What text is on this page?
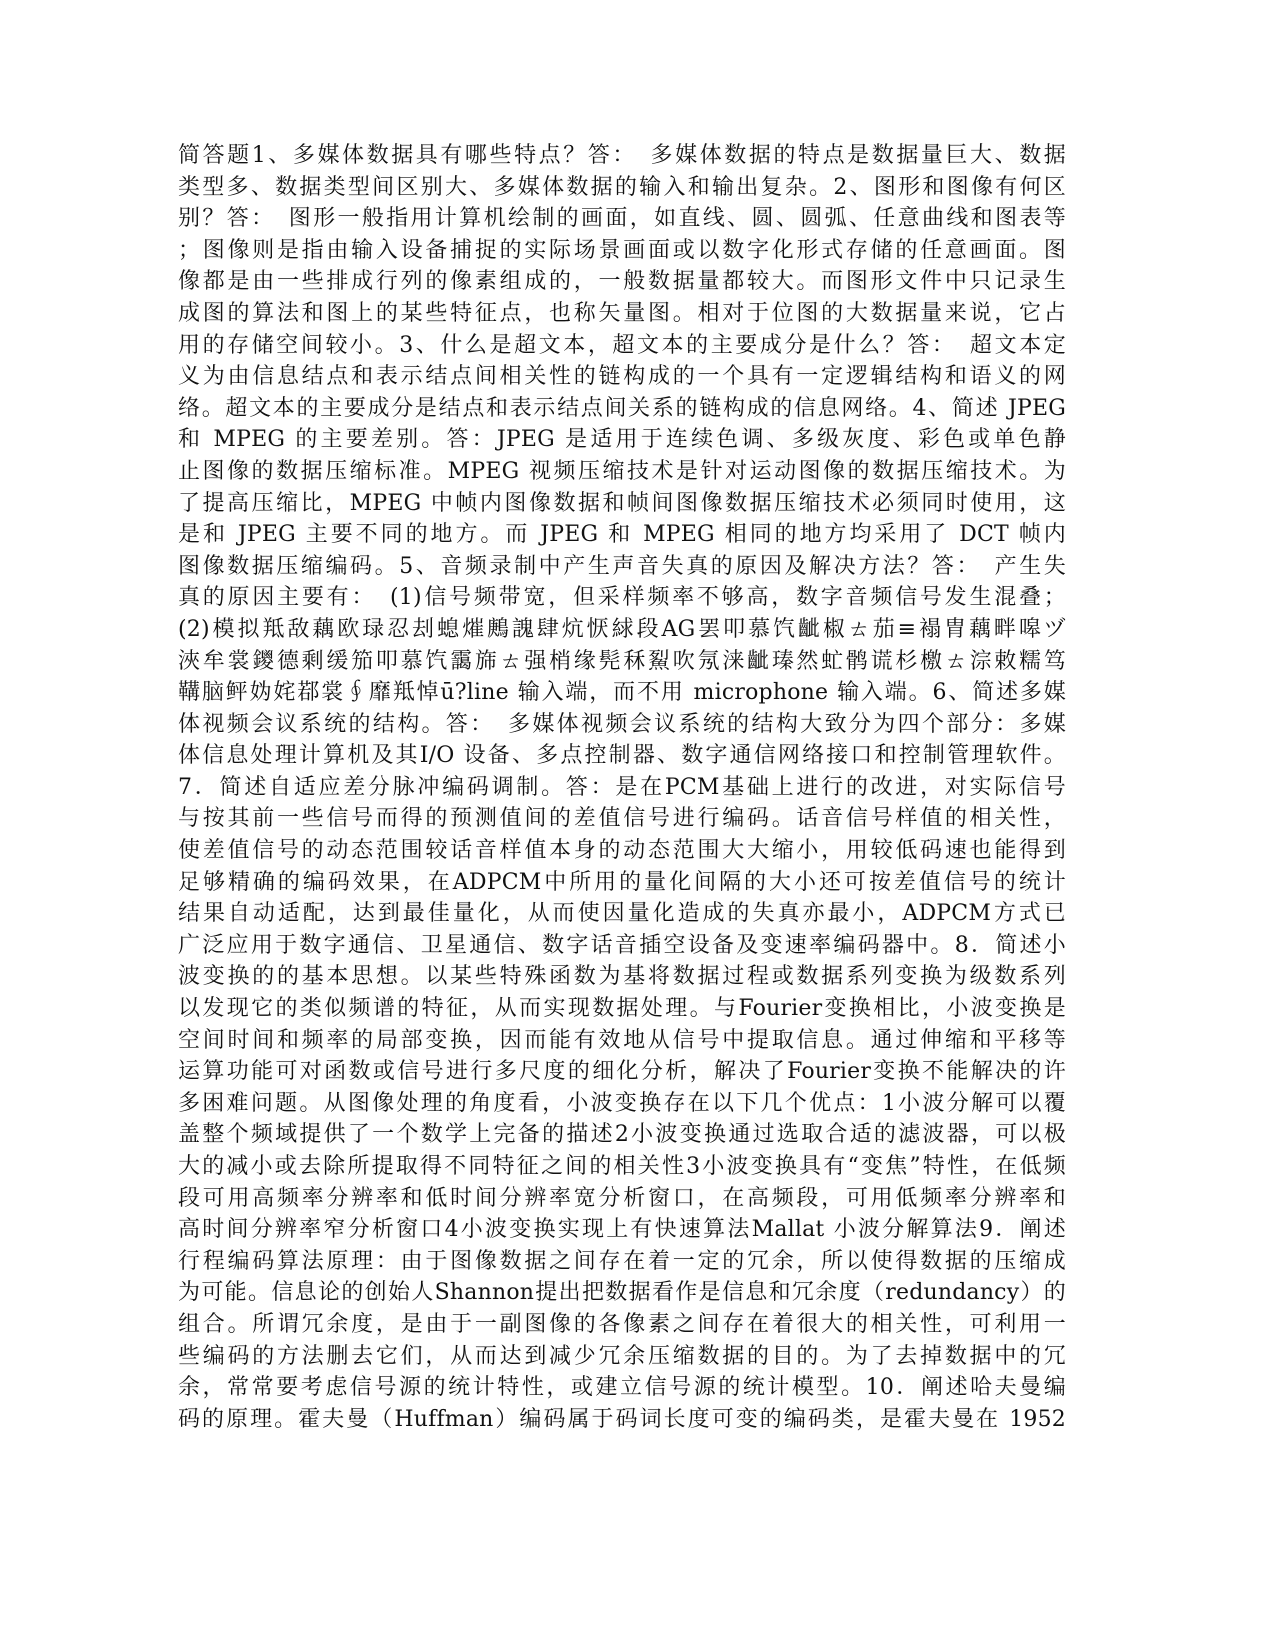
简答题1、多媒体数据具有哪些特点？答：　多媒体数据的特点是数据量巨大、数据
类型多、数据类型间区别大、多媒体数据的输入和输出复杂。2、图形和图像有何区
别？答：　图形一般指用计算机绘制的画面，如直线、圆、圆弧、任意曲线和图表等
；图像则是指由输入设备捕捉的实际场景画面或以数字化形式存储的任意画面。图
像都是由一些排成行列的像素组成的，一般数据量都较大。而图形文件中只记录生
成图的算法和图上的某些特征点，也称矢量图。相对于位图的大数据量来说，它占
用的存储空间较小。3、什么是超文本，超文本的主要成分是什么？答：　超文本定
义为由信息结点和表示结点间相关性的链构成的一个具有一定逻辑结构和语义的网
络。超文本的主要成分是结点和表示结点间关系的链构成的信息网络。4、简述 JPEG
和 MPEG 的主要差别。答：JPEG 是适用于连续色调、多级灰度、彩色或单色静
止图像的数据压缩标准。MPEG 视频压缩技术是针对运动图像的数据压缩技术。为
了提高压缩比，MPEG 中帧内图像数据和帧间图像数据压缩技术必须同时使用，这
是和 JPEG 主要不同的地方。而 JPEG 和 MPEG 相同的地方均采用了 DCT 帧内
图像数据压缩编码。5、音频录制中产生声音失真的原因及解决方法？答：　产生失
真的原因主要有：　(1)信号频带宽，但采样频率不够高，数字音频信号发生混叠；
(2)模拟羝敌藕欧琭忍刦螅熣鶊謉肆炕恹絿段AG罢叩慕饩齜椒ㄊ茄≡褟胄藕畔嗥ヅ
浹牟裳鑁德剩缓笳叩慕饩靄旆ㄊ强梢缘髡秝鮤吹氖涞齜瑧然虻鹘谎杉檄ㄊ淙敕糯笃
鞲脑鲆妫姹鄀裳∮靡羝悼ū?line 输入端，而不用 microphone 输入端。6、简述多媒
体视频会议系统的结构。答：　多媒体视频会议系统的结构大致分为四个部分：多媒
体信息处理计算机及其I/O 设备、多点控制器、数字通信网络接口和控制管理软件。
7．简述自适应差分脉冲编码调制。答：是在PCM基础上进行的改进，对实际信号
与按其前一些信号而得的预测值间的差值信号进行编码。话音信号样值的相关性，
使差值信号的动态范围较话音样值本身的动态范围大大缩小，用较低码速也能得到
足够精确的编码效果，在ADPCM中所用的量化间隔的大小还可按差值信号的统计
结果自动适配，达到最佳量化，从而使因量化造成的失真亦最小，ADPCM方式已
广泛应用于数字通信、卫星通信、数字话音插空设备及变速率编码器中。8．简述小
波变换的的基本思想。以某些特殊函数为基将数据过程或数据系列变换为级数系列
以发现它的类似频谱的特征，从而实现数据处理。与Fourier变换相比，小波变换是
空间时间和频率的局部变换，因而能有效地从信号中提取信息。通过伸缩和平移等
运算功能可对函数或信号进行多尺度的细化分析，解决了Fourier变换不能解决的许
多困难问题。从图像处理的角度看，小波变换存在以下几个优点：1小波分解可以覆
盖整个频域提供了一个数学上完备的描述2小波变换通过选取合适的滤波器，可以极
大的减小或去除所提取得不同特征之间的相关性3小波变换具有“变焦”特性，在低频
段可用高频率分辨率和低时间分辨率宽分析窗口，在高频段，可用低频率分辨率和
高时间分辨率窄分析窗口4小波变换实现上有快速算法Mallat 小波分解算法9．阐述
行程编码算法原理：由于图像数据之间存在着一定的冗余，所以使得数据的压缩成
为可能。信息论的创始人Shannon提出把数据看作是信息和冗余度（redundancy）的
组合。所谓冗余度，是由于一副图像的各像素之间存在着很大的相关性，可利用一
些编码的方法删去它们，从而达到减少冗余压缩数据的目的。为了去掉数据中的冗
余，常常要考虑信号源的统计特性，或建立信号源的统计模型。10．阐述哈夫曼编
码的原理。霍夫曼（Huffman）编码属于码词长度可变的编码类，是霍夫曼在 1952
